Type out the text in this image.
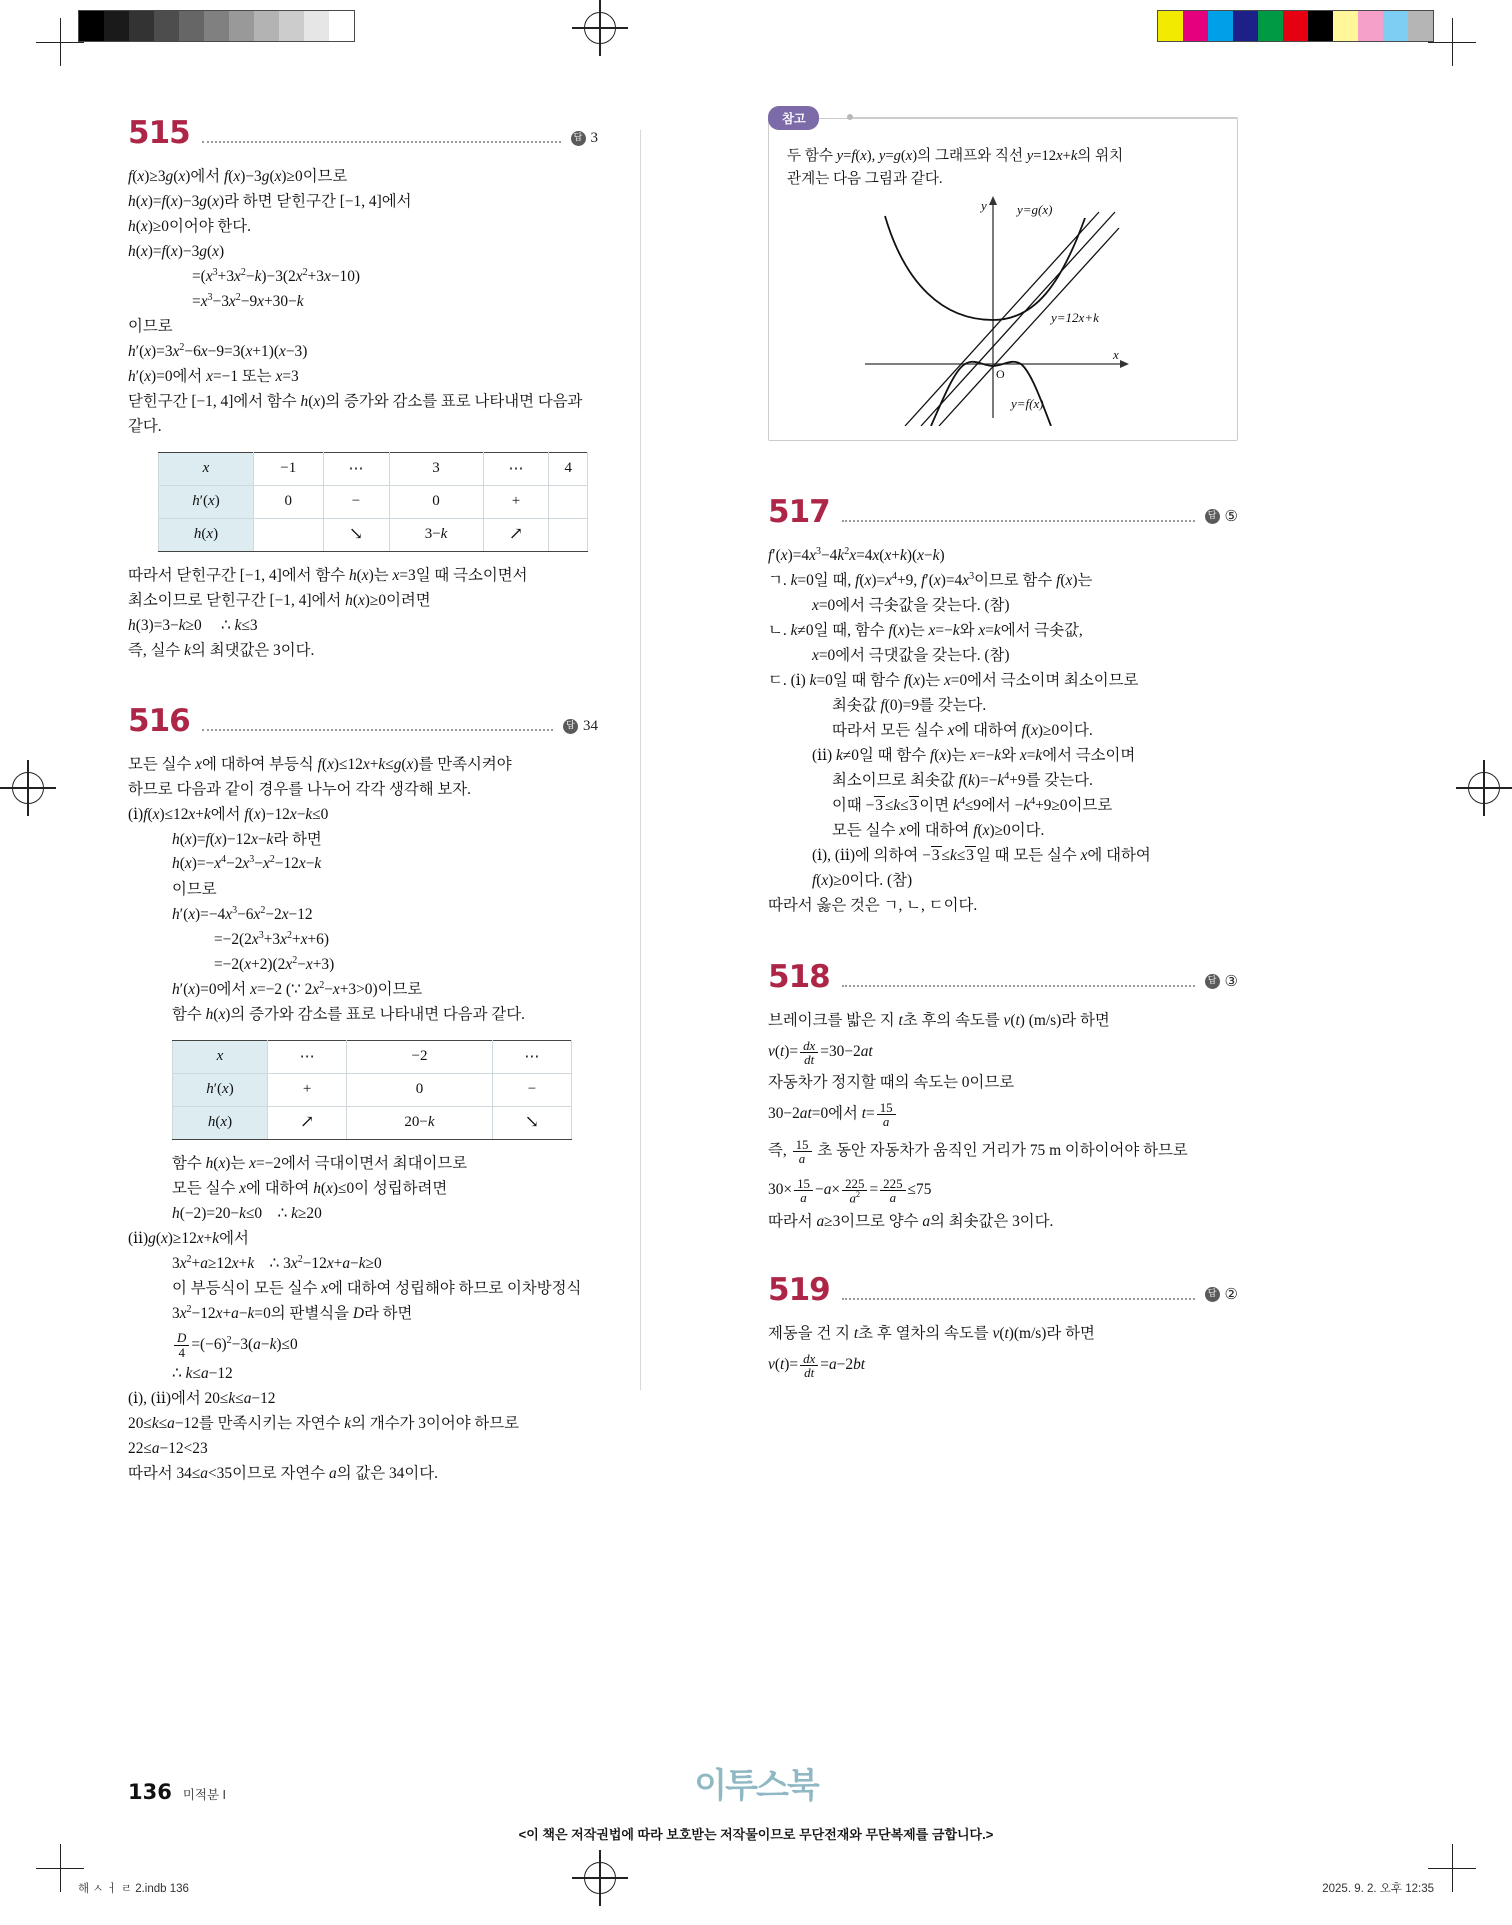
515	답 3
f(x)≥3g(x)에서 f(x)−3g(x)≥0이므로
h(x)=f(x)−3g(x)라 하면 닫힌구간 [−1, 4]에서
h(x)≥0이어야 한다.
h(x)=f(x)−3g(x)
$=(x^3+3x^2-k)-3(2x^2+3x-10)$
$=x^3-3x^2-9x+30-k$
이므로
$h'(x)=3x^2-6x-9=3(x+1)(x-3)$
h′(x)=0에서 x=−1 또는 x=3
닫힌구간 [−1, 4]에서 함수 h(x)의 증가와 감소를 표로 나타내면 다음과 같다.
x	−1	⋯	3	⋯	4
h′(x)	0	−	0	+	
h(x)		↘	3−k	↗	
따라서 닫힌구간 [−1, 4]에서 함수 h(x)는 x=3일 때 극소이면서
최소이므로 닫힌구간 [−1, 4]에서 h(x)≥0이려면
h(3)=3−k≥0     ∴ k≤3
즉, 실수 k의 최댓값은 3이다.
516	답 34
모든 실수 x에 대하여 부등식 f(x)≤12x+k≤g(x)를 만족시켜야
하므로 다음과 같이 경우를 나누어 각각 생각해 보자.
(ⅰ)f(x)≤12x+k에서 f(x)−12x−k≤0
h(x)=f(x)−12x−k라 하면
$h(x)=-x^4-2x^3-x^2-12x-k$
이므로
$h'(x)=-4x^3-6x^2-2x-12$
$=-2(2x^3+3x^2+x+6)$
$=-2(x+2)(2x^2-x+3)$
h′(x)=0에서 x=−2 (∵ $2x^2-x+3>0$)이므로
함수 h(x)의 증가와 감소를 표로 나타내면 다음과 같다.
x	⋯	−2	⋯
h′(x)	+	0	−
h(x)	↗	20−k	↘
함수 h(x)는 x=−2에서 극대이면서 최대이므로
모든 실수 x에 대하여 h(x)≤0이 성립하려면
h(−2)=20−k≤0    ∴ k≥20
(ⅱ)g(x)≥12x+k에서
$3x^2+a\ge 12x+k$    ∴ $3x^2-12x+a-k\ge 0$
이 부등식이 모든 실수 x에 대하여 성립해야 하므로 이차방정식
$3x^2-12x+a-k=0$의 판별식을 D라 하면
$\frac{D}{4} =(-6)^2-3(a-k)\le 0$
∴ k≤a−12
(ⅰ), (ⅱ)에서 20≤k≤a−12
20≤k≤a−12를 만족시키는 자연수 k의 개수가 3이어야 하므로
22≤a−12<23
따라서 34≤a<35이므로 자연수 a의 값은 34이다.
참고
두 함수 y=f(x), y=g(x)의 그래프와 직선 y=12x+k의 위치
관계는 다음 그림과 같다.
y
x
O
y=g(x)
y=12x+k
y=f(x)
517	답 ⑤
$f'(x)=4x^3-4k^2x=4x(x+k)(x-k)$
ㄱ. k=0일 때, $f(x)=x^4+9$, $f'(x)=4x^3$이므로 함수 f(x)는
x=0에서 극솟값을 갖는다. (참)
ㄴ. k≠0일 때, 함수 f(x)는 x=−k와 x=k에서 극솟값,
x=0에서 극댓값을 갖는다. (참)
ㄷ. (ⅰ) k=0일 때 함수 f(x)는 x=0에서 극소이며 최소이므로
최솟값 f(0)=9를 갖는다.
따라서 모든 실수 x에 대하여 f(x)≥0이다.
(ⅱ) k≠0일 때 함수 f(x)는 x=−k와 x=k에서 극소이며
최소이므로 최솟값 $f(k)=-k^4+9$를 갖는다.
이때 −3 ≤k≤3 이면 $k^4\le 9$에서 $-k^4+9\ge 0$이므로
모든 실수 x에 대하여 f(x)≥0이다.
(ⅰ), (ⅱ)에 의하여 −3 ≤k≤3 일 때 모든 실수 x에 대하여
f(x)≥0이다. (참)
따라서 옳은 것은 ㄱ, ㄴ, ㄷ이다.
518	답 ③
브레이크를 밟은 지 t초 후의 속도를 v(t) (m/s)라 하면
$v(t)= \frac{dx}{dt} =30-2at$
자동차가 정지할 때의 속도는 0이므로
30−2at=0에서 $t= \frac{15}{a}$
즉, $\frac{15}{a}$ 초 동안 자동차가 움직인 거리가 75 m 이하이어야 하므로
$30\times \frac{15}{a} -a\times \frac{225}{a^2} = \frac{225}{a} \le 75$
따라서 a≥3이므로 양수 a의 최솟값은 3이다.
519	답 ②
제동을 건 지 t초 후 열차의 속도를 v(t)(m/s)라 하면
$v(t)= \frac{dx}{dt} =a-2bt$
136 미적분 I	이투스북
<이 책은 저작권법에 따라 보호받는 저작물이므로 무단전재와 무단복제를 금합니다.>
해 ㅅ ㅓ ㄹ 2.indb 136	2025. 9. 2. 오후 12:35
